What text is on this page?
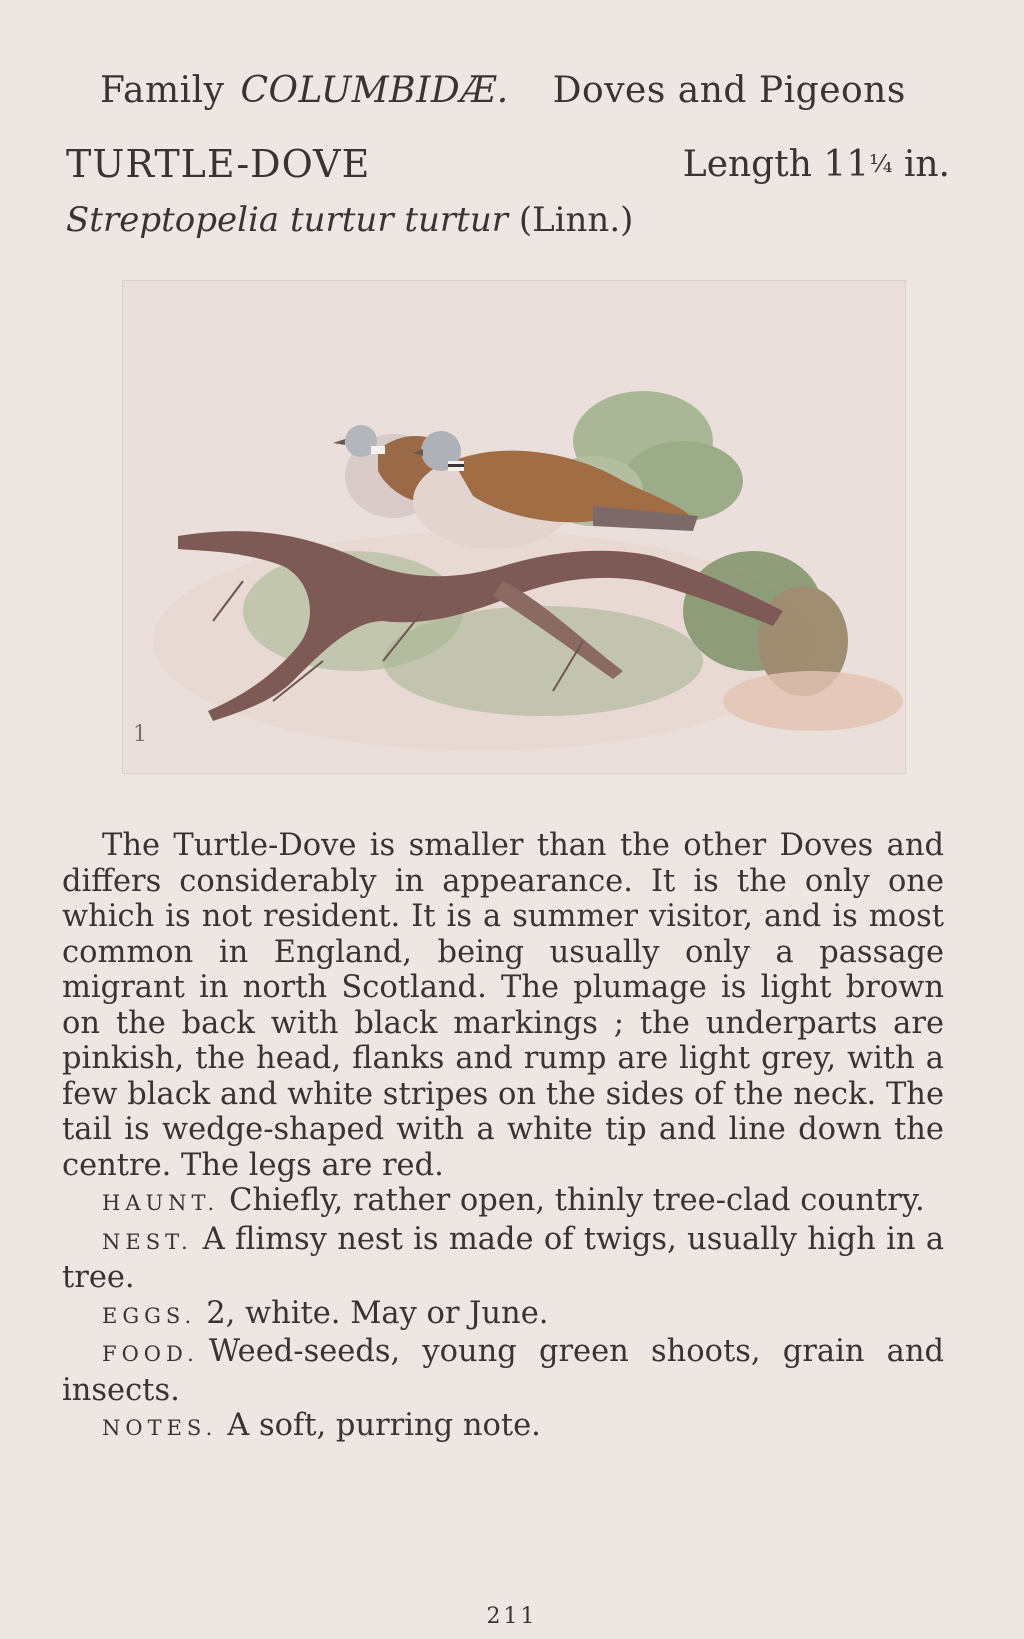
Family COLUMBIDÆ. Doves and Pigeons
TURTLE-DOVE	Length 11¼ in.
Streptopelia turtur turtur (Linn.)
1

The Turtle-Dove is smaller than the other Doves and differs considerably in appearance. It is the only one which is not resident. It is a summer visitor, and is most common in England, being usually only a passage migrant in north Scotland. The plumage is light brown on the back with black markings ; the underparts are pinkish, the head, flanks and rump are light grey, with a few black and white stripes on the sides of the neck. The tail is wedge-shaped with a white tip and line down the centre. The legs are red.

HAUNT. Chiefly, rather open, thinly tree-clad country.

NEST. A flimsy nest is made of twigs, usually high in a tree.

EGGS. 2, white. May or June.

FOOD. Weed-seeds, young green shoots, grain and insects.

NOTES. A soft, purring note.

211
